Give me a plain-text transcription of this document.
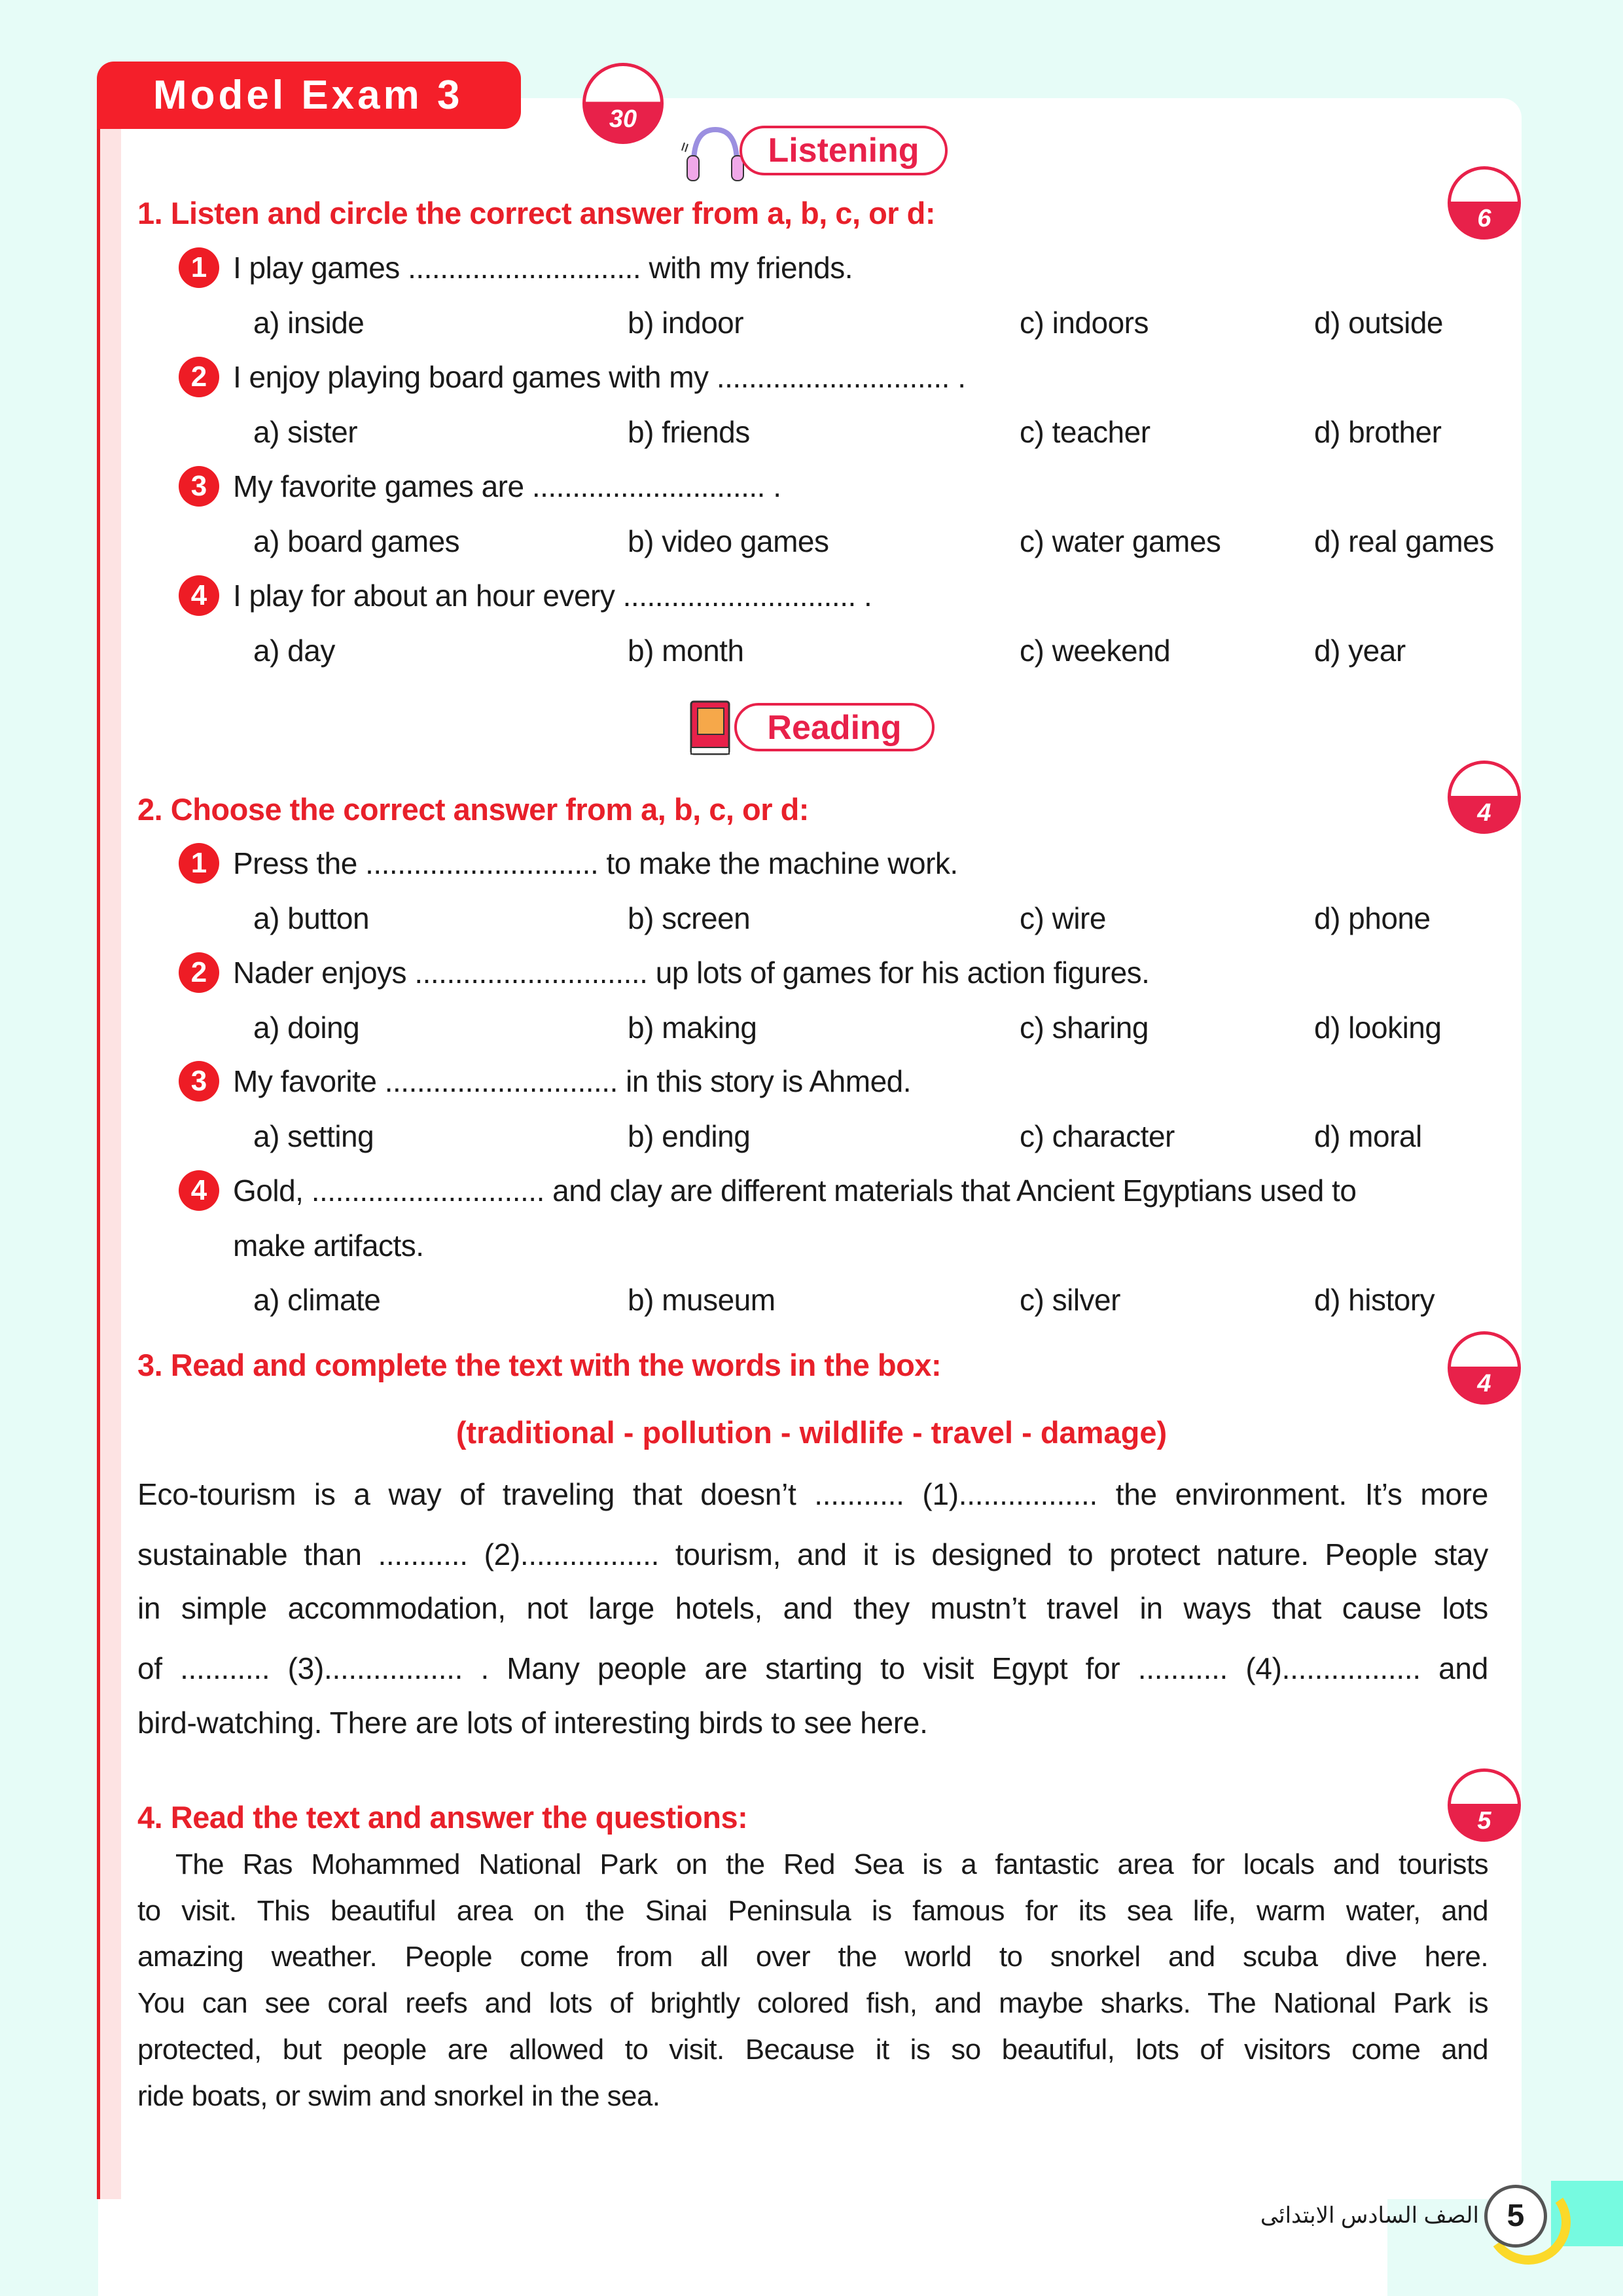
Model Exam 3
30
Listening
Reading
1. Listen and circle the correct answer from a, b, c, or d:	6
1 I play games ............................. with my friends.
a) inside	b) indoor	c) indoors	d) outside
2 I enjoy playing board games with my ............................. .
a) sister	b) friends	c) teacher	d) brother
3 My favorite games are ............................. .
a) board games	b) video games	c) water games	d) real games
4 I play for about an hour every ............................. .
a) day	b) month	c) weekend	d) year
2. Choose the correct answer from a, b, c, or d:	4
1 Press the ............................. to make the machine work.
a) button	b) screen	c) wire	d) phone
2 Nader enjoys ............................. up lots of games for his action figures.
a) doing	b) making	c) sharing	d) looking
3 My favorite ............................. in this story is Ahmed.
a) setting	b) ending	c) character	d) moral
4 Gold, ............................. and clay are different materials that Ancient Egyptians used to
make artifacts.
a) climate	b) museum	c) silver	d) history
3. Read and complete the text with the words in the box:
4
(traditional - pollution - wildlife - travel - damage)
Eco-tourism is a way of traveling that doesn’t ........... (1)................. the environment. It’s more
sustainable than ........... (2)................. tourism, and it is designed to protect nature. People stay
in simple accommodation, not large hotels, and they mustn’t travel in ways that cause lots
of ........... (3)................. . Many people are starting to visit Egypt for ........... (4)................. and
bird-watching. There are lots of interesting birds to see here.
4. Read the text and answer the questions:	5
The Ras Mohammed National Park on the Red Sea is a fantastic area for locals and tourists
to visit. This beautiful area on the Sinai Peninsula is famous for its sea life, warm water, and
amazing weather. People come from all over the world to snorkel and scuba dive here.
You can see coral reefs and lots of brightly colored fish, and maybe sharks. The National Park is
protected, but people are allowed to visit. Because it is so beautiful, lots of visitors come and
ride boats, or swim and snorkel in the sea.
5
الصف السادس الابتدائى
